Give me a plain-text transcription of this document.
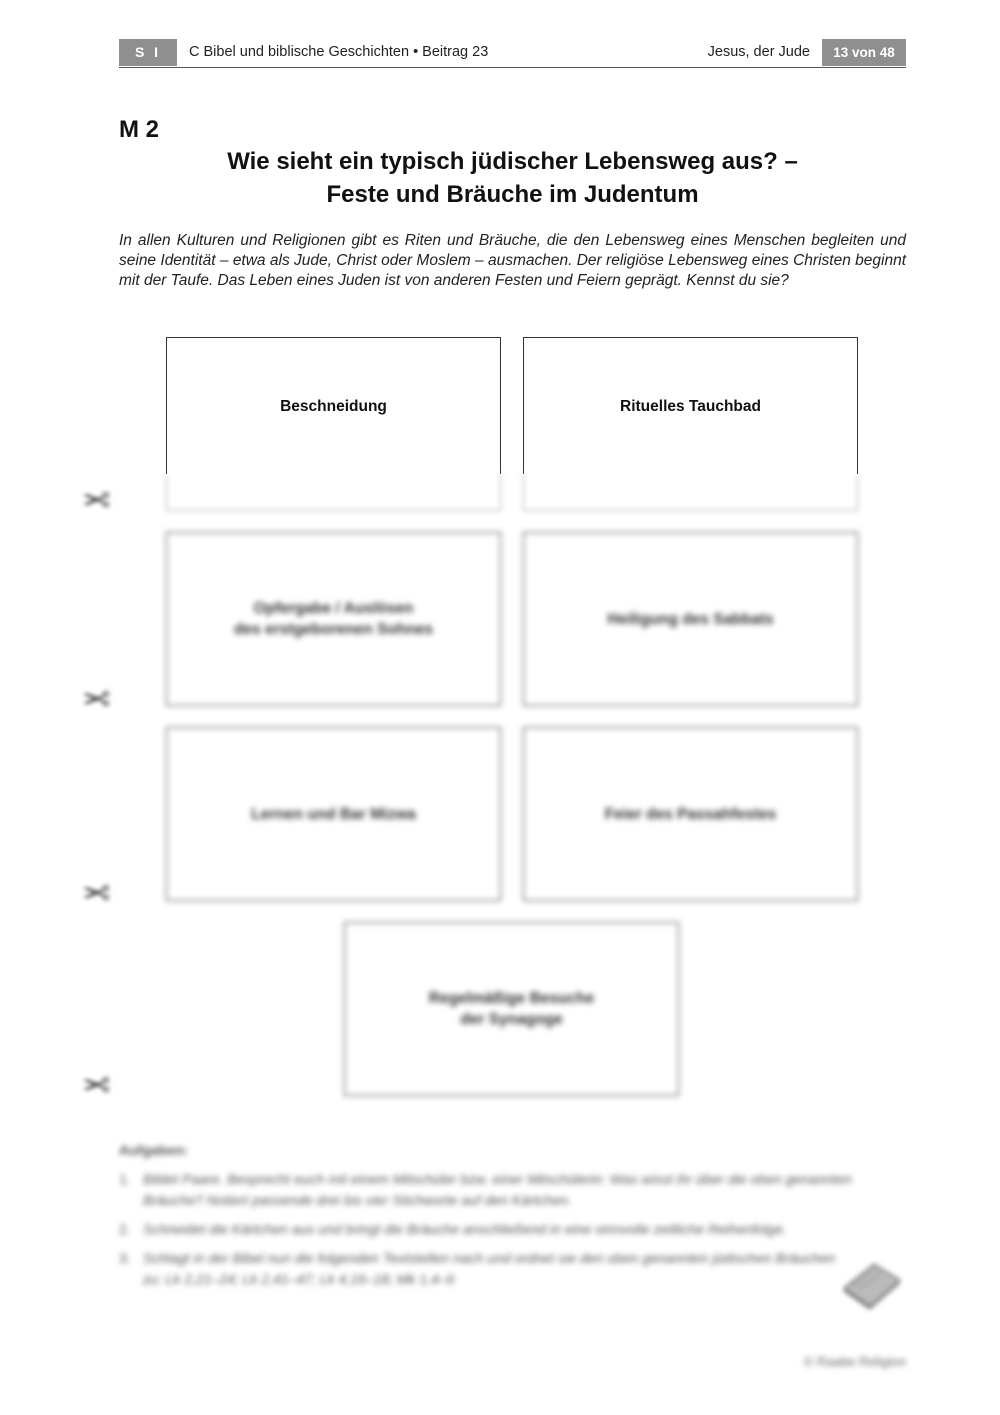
S I	C Bibel und biblische Geschichten • Beitrag 23	Jesus, der Jude	13 von 48
M 2
Wie sieht ein typisch jüdischer Lebensweg aus? –
Feste und Bräuche im Judentum
In allen Kulturen und Religionen gibt es Riten und Bräuche, die den Lebensweg eines Menschen begleiten und seine Identität – etwa als Jude, Christ oder Moslem – ausmachen. Der religiöse Lebensweg eines Christen beginnt mit der Taufe. Das Leben eines Juden ist von anderen Festen und Feiern geprägt. Kennst du sie?
Beschneidung	Rituelles Tauchbad
✂
Opfergabe / Auslösen
des erstgeborenen Sohnes
Heiligung des Sabbats
✂
Lernen und Bar Mizwa	Feier des Passahfestes
✂
Regelmäßige Besuche
der Synagoge
✂
Aufgaben:
1. Bildet Paare. Besprecht euch mit einem Mitschüler bzw. einer Mitschülerin: Was wisst ihr über die oben genannten Bräuche? Notiert passende drei bis vier Stichworte auf den Kärtchen.
2. Schneidet die Kärtchen aus und bringt die Bräuche anschließend in eine sinnvolle zeitliche Reihenfolge.
3. Schlagt in der Bibel nun die folgenden Textstellen nach und ordnet sie den oben genannten jüdischen Bräuchen zu: Lk 2,21–24; Lk 2,41–47; Lk 4,16–18; Mk 1,4–6
© Raabe Religion
